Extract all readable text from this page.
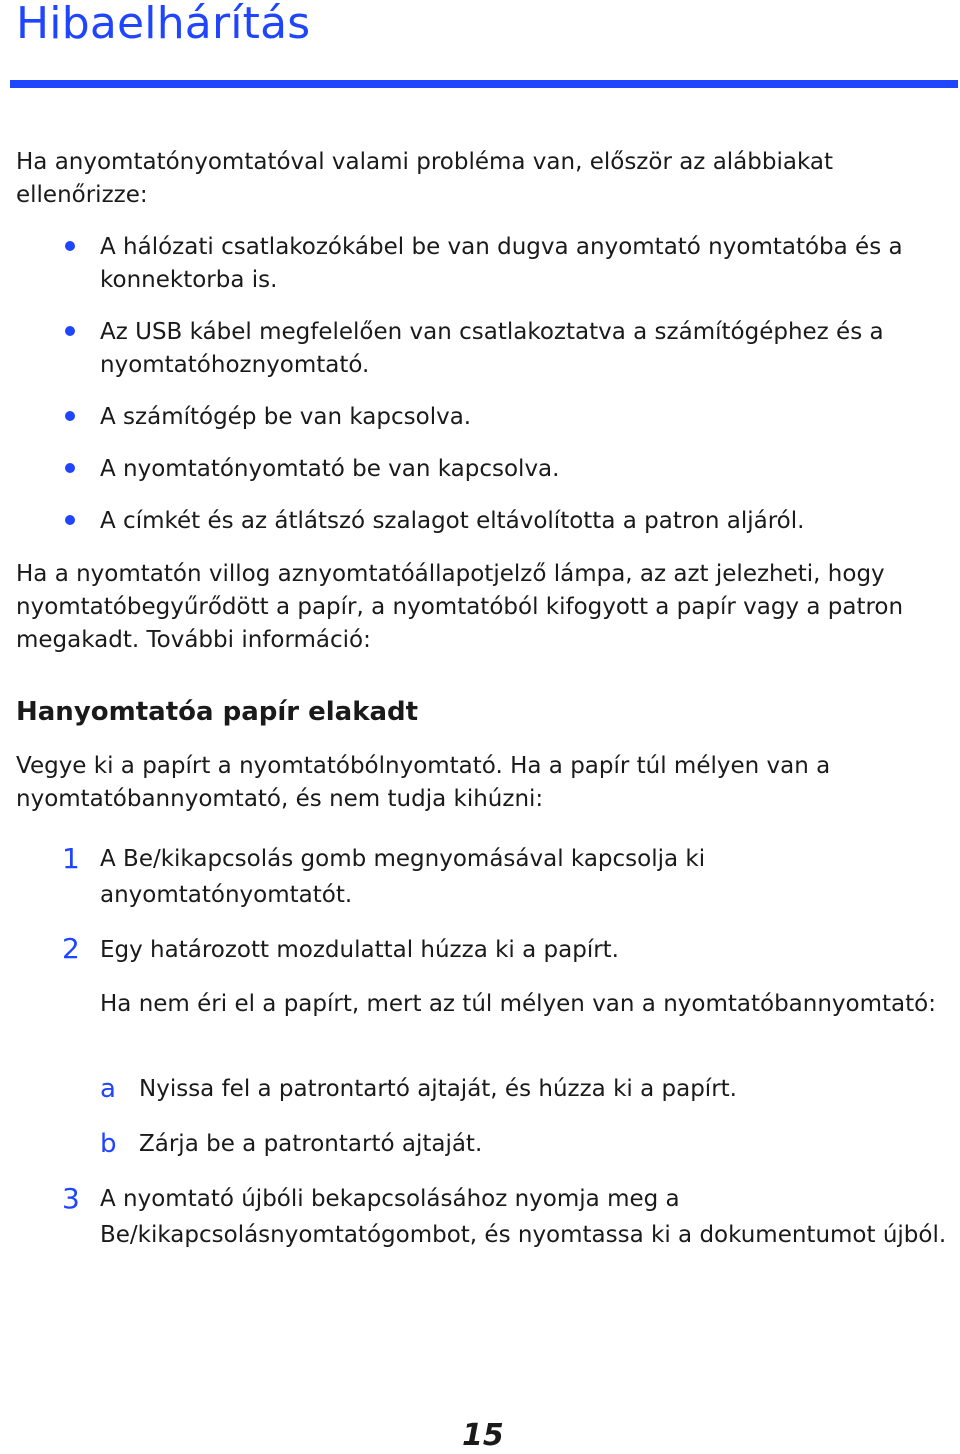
Hibaelhárítás

Ha anyomtatónyomtatóval valami probléma van, először az alábbiakat ellenőrizze:

A hálózati csatlakozókábel be van dugva anyomtató nyomtatóba és a konnektorba is.

Az USB kábel megfelelően van csatlakoztatva a számítógéphez és a nyomtatóhoznyomtató.

A számítógép be van kapcsolva.

A nyomtatónyomtató be van kapcsolva.

A címkét és az átlátszó szalagot eltávolította a patron aljáról.

Ha a nyomtatón villog aznyomtatóállapotjelző lámpa, az azt jelezheti, hogy nyomtatóbegyűrődött a papír, a nyomtatóból kifogyott a papír vagy a patron megakadt. További információ:

Hanyomtatóa papír elakadt

Vegye ki a papírt a nyomtatóbólnyomtató. Ha a papír túl mélyen van a nyomtatóbannyomtató, és nem tudja kihúzni:

1 A Be/kikapcsolás gomb megnyomásával kapcsolja ki anyomtatónyomtatót.

2 Egy határozott mozdulattal húzza ki a papírt.

Ha nem éri el a papírt, mert az túl mélyen van a nyomtatóbannyomtató:

a Nyissa fel a patrontartó ajtaját, és húzza ki a papírt.

b Zárja be a patrontartó ajtaját.

3 A nyomtató újbóli bekapcsolásához nyomja meg a Be/kikapcsolásnyomtatógombot, és nyomtassa ki a dokumentumot újból.

15
